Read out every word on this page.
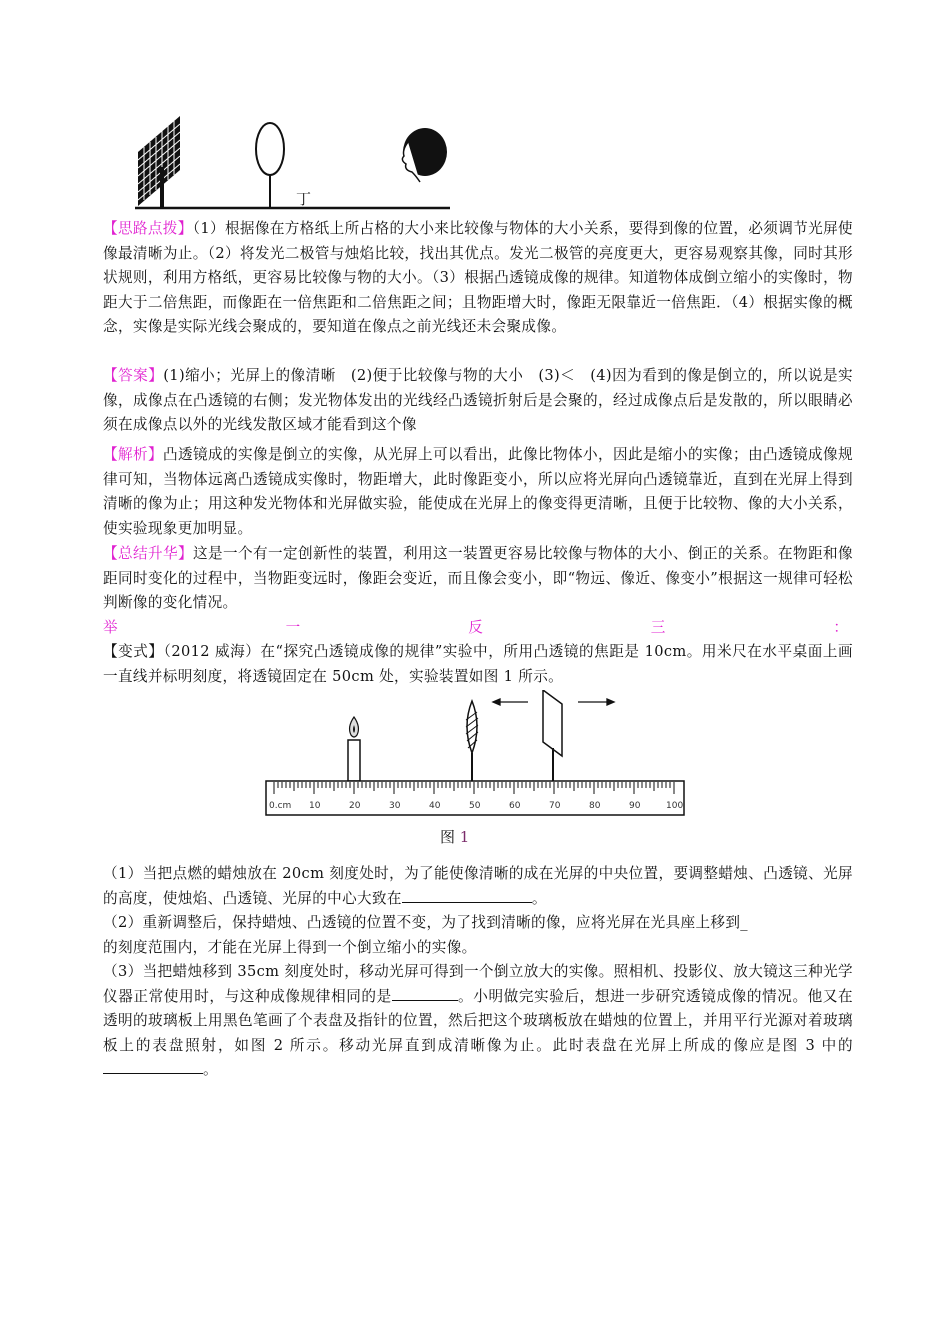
丁

【思路点拨】（1）根据像在方格纸上所占格的大小来比较像与物体的大小关系，要得到像的位置，必须调节光屏使像最清晰为止。（2）将发光二极管与烛焰比较，找出其优点。发光二极管的亮度更大，更容易观察其像，同时其形状规则，利用方格纸，更容易比较像与物的大小。（3）根据凸透镜成像的规律。知道物体成倒立缩小的实像时，物距大于二倍焦距，而像距在一倍焦距和二倍焦距之间；且物距增大时，像距无限靠近一倍焦距．（4）根据实像的概念，实像是实际光线会聚成的，要知道在像点之前光线还未会聚成像。

【答案】(1)缩小；光屏上的像清晰　(2)便于比较像与物的大小　(3)＜　(4)因为看到的像是倒立的，所以说是实像，成像点在凸透镜的右侧；发光物体发出的光线经凸透镜折射后是会聚的，经过成像点后是发散的，所以眼睛必须在成像点以外的光线发散区域才能看到这个像

【解析】凸透镜成的实像是倒立的实像，从光屏上可以看出，此像比物体小，因此是缩小的实像；由凸透镜成像规律可知，当物体远离凸透镜成实像时，物距增大，此时像距变小，所以应将光屏向凸透镜靠近，直到在光屏上得到清晰的像为止；用这种发光物体和光屏做实验，能使成在光屏上的像变得更清晰，且便于比较物、像的大小关系，使实验现象更加明显。

【总结升华】这是一个有一定创新性的装置，利用这一装置更容易比较像与物体的大小、倒正的关系。在物距和像距同时变化的过程中，当物距变远时，像距会变近，而且像会变小，即“物远、像近、像变小”根据这一规律可轻松判断像的变化情况。

举	一	反	三	：

【变式】（2012 威海）在“探究凸透镜成像的规律”实验中，所用凸透镜的焦距是 10cm。用米尺在水平桌面上画一直线并标明刻度，将透镜固定在 50cm 处，实验装置如图 1 所示。

0.cm 10	20	30	40	50	60	70	80	90	100
图 1

（1）当把点燃的蜡烛放在 20cm 刻度处时，为了能使像清晰的成在光屏的中央位置，要调整蜡烛、凸透镜、光屏的高度，使烛焰、凸透镜、光屏的中心大致在	。

（2）重新调整后，保持蜡烛、凸透镜的位置不变，为了找到清晰的像，应将光屏在光具座上移到_
的刻度范围内，才能在光屏上得到一个倒立缩小的实像。

（3）当把蜡烛移到 35cm 刻度处时，移动光屏可得到一个倒立放大的实像。照相机、投影仪、放大镜这三种光学仪器正常使用时，与这种成像规律相同的是	。小明做完实验后，想进一步研究透镜成像的情况。他又在透明的玻璃板上用黑色笔画了个表盘及指针的位置，然后把这个玻璃板放在蜡烛的位置上，并用平行光源对着玻璃板上的表盘照射，如图 2 所示。移动光屏直到成清晰像为止。此时表盘在光屏上所成的像应是图 3 中的。
